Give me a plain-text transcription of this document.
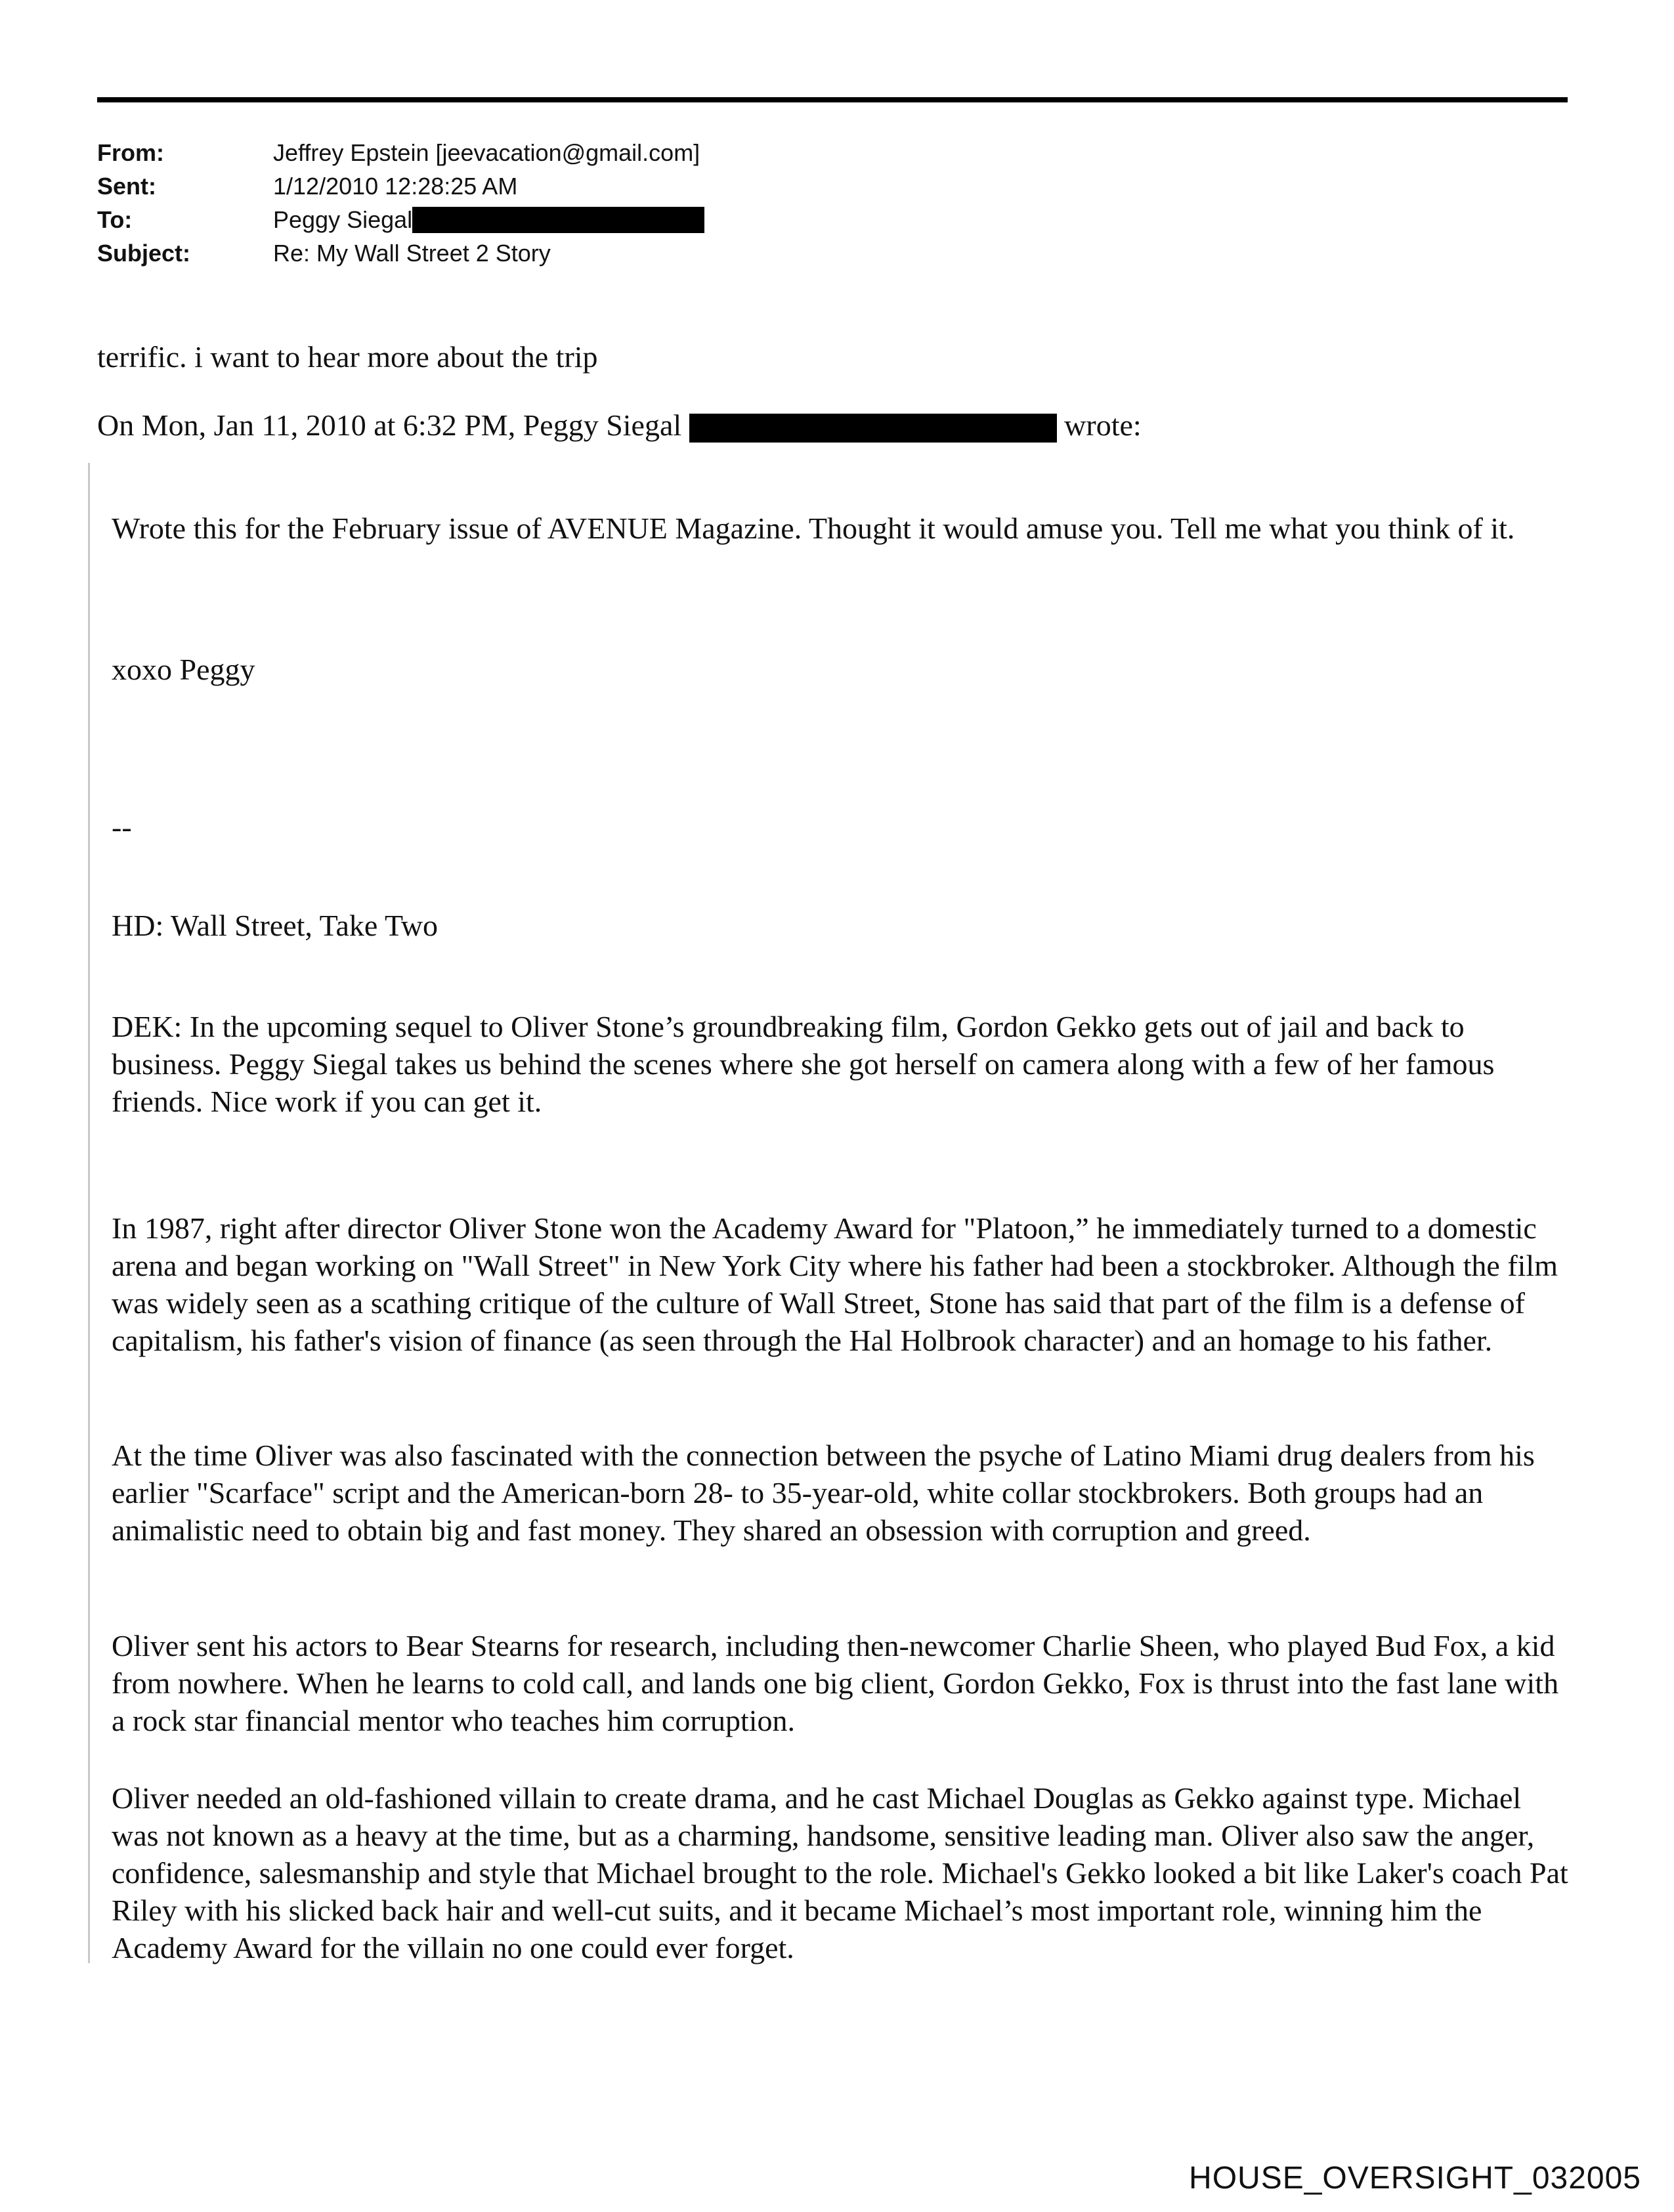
From:	Jeffrey Epstein [jeevacation@gmail.com]
Sent:	1/12/2010 12:28:25 AM
To:	Peggy Siegal
Subject:	Re: My Wall Street 2 Story

terrific. i want to hear more about the trip

On Mon, Jan 11, 2010 at 6:32 PM, Peggy Siegal	wrote:

Wrote this for the February issue of AVENUE Magazine. Thought it would amuse you. Tell me what you think of it.

xoxo Peggy

--

HD: Wall Street, Take Two

DEK: In the upcoming sequel to Oliver Stone’s groundbreaking film, Gordon Gekko gets out of jail and back to business. Peggy Siegal takes us behind the scenes where she got herself on camera along with a few of her famous friends. Nice work if you can get it.

In 1987, right after director Oliver Stone won the Academy Award for "Platoon,” he immediately turned to a domestic arena and began working on "Wall Street" in New York City where his father had been a stockbroker. Although the film was widely seen as a scathing critique of the culture of Wall Street, Stone has said that part of the film is a defense of capitalism, his father's vision of finance (as seen through the Hal Holbrook character) and an homage to his father.

At the time Oliver was also fascinated with the connection between the psyche of Latino Miami drug dealers from his earlier "Scarface" script and the American-born 28- to 35-year-old, white collar stockbrokers. Both groups had an animalistic need to obtain big and fast money. They shared an obsession with corruption and greed.

Oliver sent his actors to Bear Stearns for research, including then-newcomer Charlie Sheen, who played Bud Fox, a kid from nowhere. When he learns to cold call, and lands one big client, Gordon Gekko, Fox is thrust into the fast lane with a rock star financial mentor who teaches him corruption.

Oliver needed an old-fashioned villain to create drama, and he cast Michael Douglas as Gekko against type. Michael was not known as a heavy at the time, but as a charming, handsome, sensitive leading man. Oliver also saw the anger, confidence, salesmanship and style that Michael brought to the role. Michael's Gekko looked a bit like Laker's coach Pat Riley with his slicked back hair and well-cut suits, and it became Michael’s most important role, winning him the Academy Award for the villain no one could ever forget.

HOUSE_OVERSIGHT_032005
